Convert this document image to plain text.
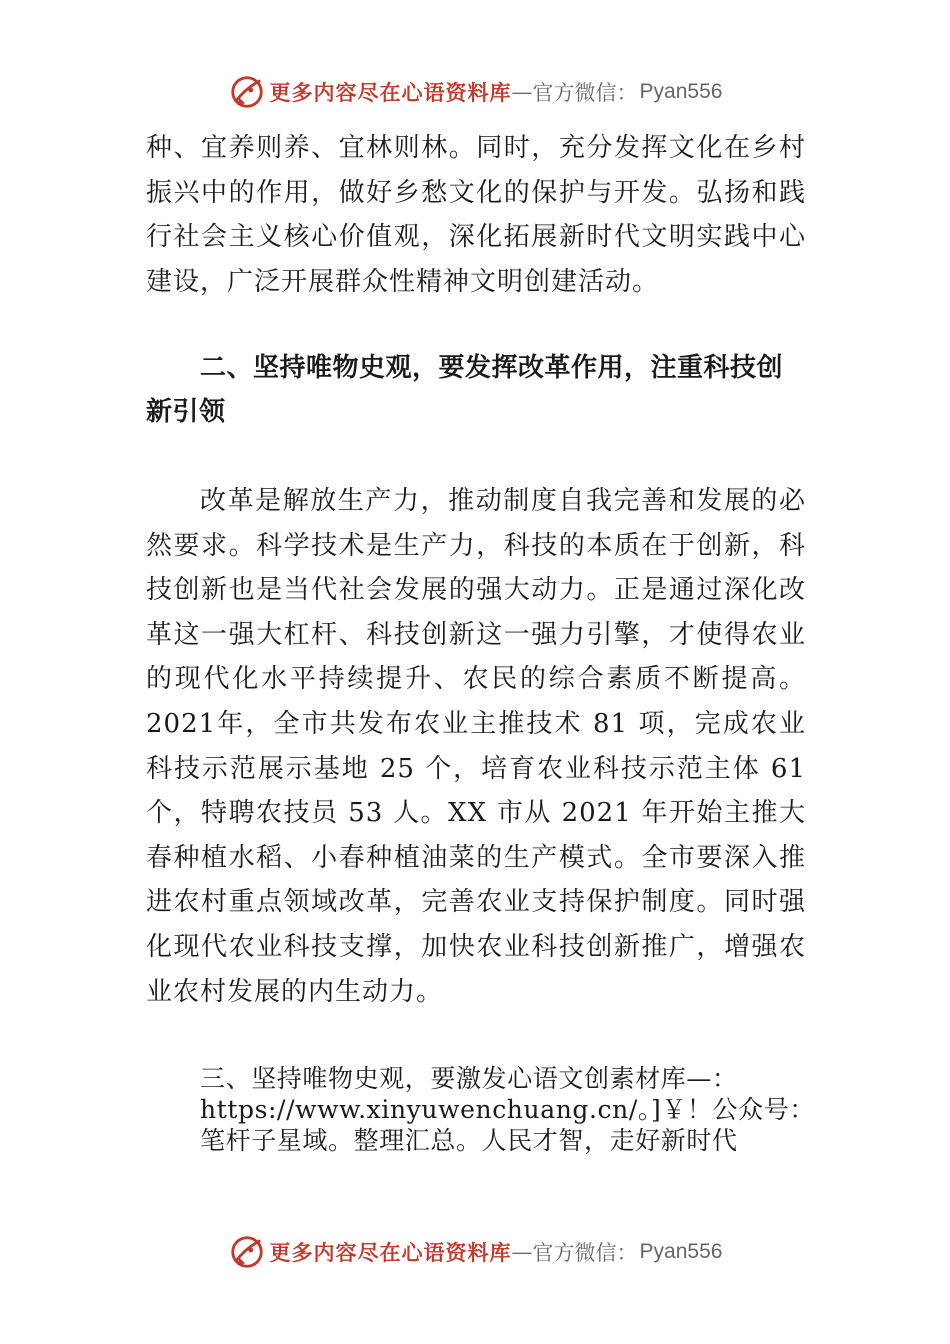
更多内容尽在心语资料库 — 官方微信： Pyan556

种、宜养则养、宜林则林。同时，充分发挥文化在乡村振兴中的作用，做好乡愁文化的保护与开发。弘扬和践行社会主义核心价值观，深化拓展新时代文明实践中心建设，广泛开展群众性精神文明创建活动。

二、坚持唯物史观，要发挥改革作用，注重科技创新引领

改革是解放生产力，推动制度自我完善和发展的必然要求。科学技术是生产力，科技的本质在于创新，科技创新也是当代社会发展的强大动力。正是通过深化改革这一强大杠杆、科技创新这一强力引擎，才使得农业的现代化水平持续提升、农民的综合素质不断提高。2021年，全市共发布农业主推技术 81 项，完成农业科技示范展示基地 25 个，培育农业科技示范主体 61 个，特聘农技员 53 人。XX 市从 2021 年开始主推大春种植水稻、小春种植油菜的生产模式。全市要深入推进农村重点领域改革，完善农业支持保护制度。同时强化现代农业科技支撑，加快农业科技创新推广，增强农业农村发展的内生动力。

三、坚持唯物史观，要激发心语文创素材库—：

https://www.xinyuwenchuang.cn/。]￥！公众号：

笔杆子星域。整理汇总。人民才智，走好新时代

更多内容尽在心语资料库 — 官方微信： Pyan556
